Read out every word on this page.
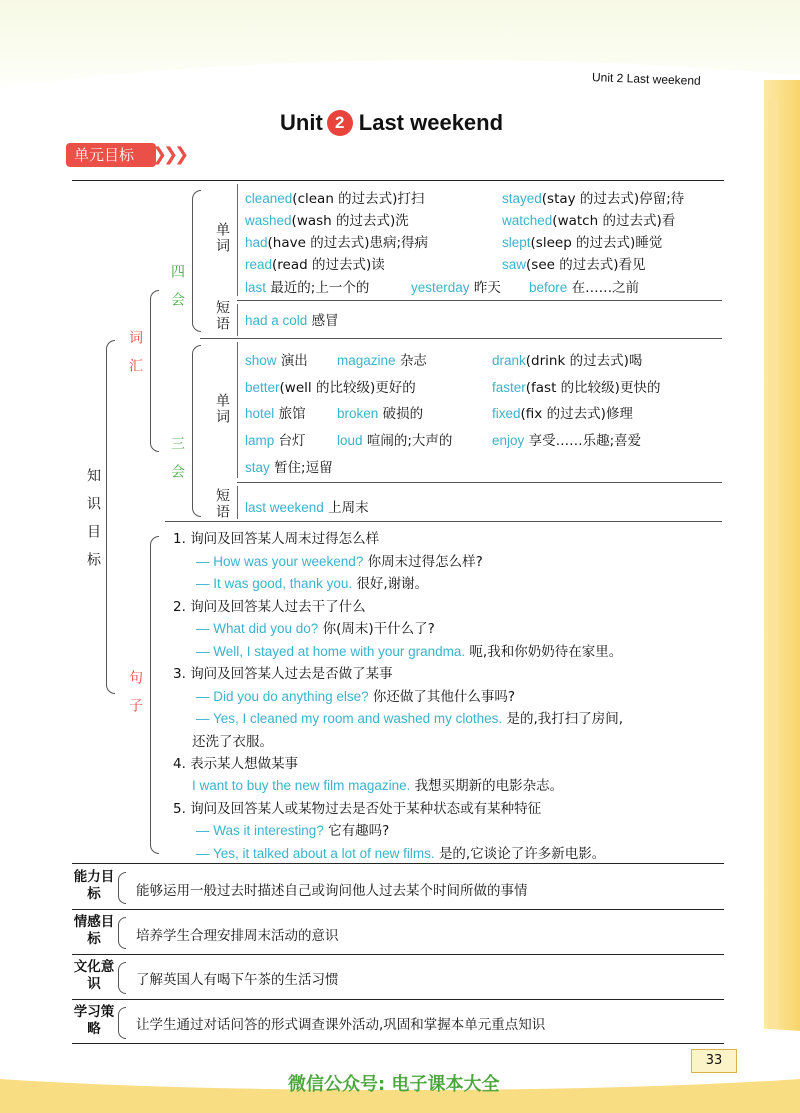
Unit 2 Last weekend
Unit 2 Last weekend
单元目标 ❯❯❯
知识目标
词汇
句子
四会
三会
单词
短语
单词
短语
cleaned(clean 的过去式)打扫	stayed(stay 的过去式)停留;待
washed(wash 的过去式)洗	watched(watch 的过去式)看
had(have 的过去式)患病;得病	slept(sleep 的过去式)睡觉
read(read 的过去式)读	saw(see 的过去式)看见
last 最近的;上一个的	yesterday 昨天 before 在……之前
had a cold 感冒
show 演出 magazine 杂志	drank(drink 的过去式)喝
better(well 的比较级)更好的	faster(fast 的比较级)更快的
hotel 旅馆 broken 破损的	fixed(fix 的过去式)修理
lamp 台灯 loud 喧闹的;大声的	enjoy 享受……乐趣;喜爱
stay 暂住;逗留
last weekend 上周末
1. 询问及回答某人周末过得怎么样
— How was your weekend? 你周末过得怎么样?
— It was good, thank you. 很好,谢谢。
2. 询问及回答某人过去干了什么
— What did you do? 你(周末)干什么了?
— Well, I stayed at home with your grandma. 呃,我和你奶奶待在家里。
3. 询问及回答某人过去是否做了某事
— Did you do anything else? 你还做了其他什么事吗?
— Yes, I cleaned my room and washed my clothes. 是的,我打扫了房间,
还洗了衣服。
4. 表示某人想做某事
I want to buy the new film magazine. 我想买期新的电影杂志。
5. 询问及回答某人或某物过去是否处于某种状态或有某种特征
— Was it interesting? 它有趣吗?
— Yes, it talked about a lot of new films. 是的,它谈论了许多新电影。
能力目标	能够运用一般过去时描述自己或询问他人过去某个时间所做的事情
情感目标	培养学生合理安排周末活动的意识
文化意识	了解英国人有喝下午茶的生活习惯
学习策略	让学生通过对话问答的形式调查课外活动,巩固和掌握本单元重点知识
33
微信公众号: 电子课本大全
